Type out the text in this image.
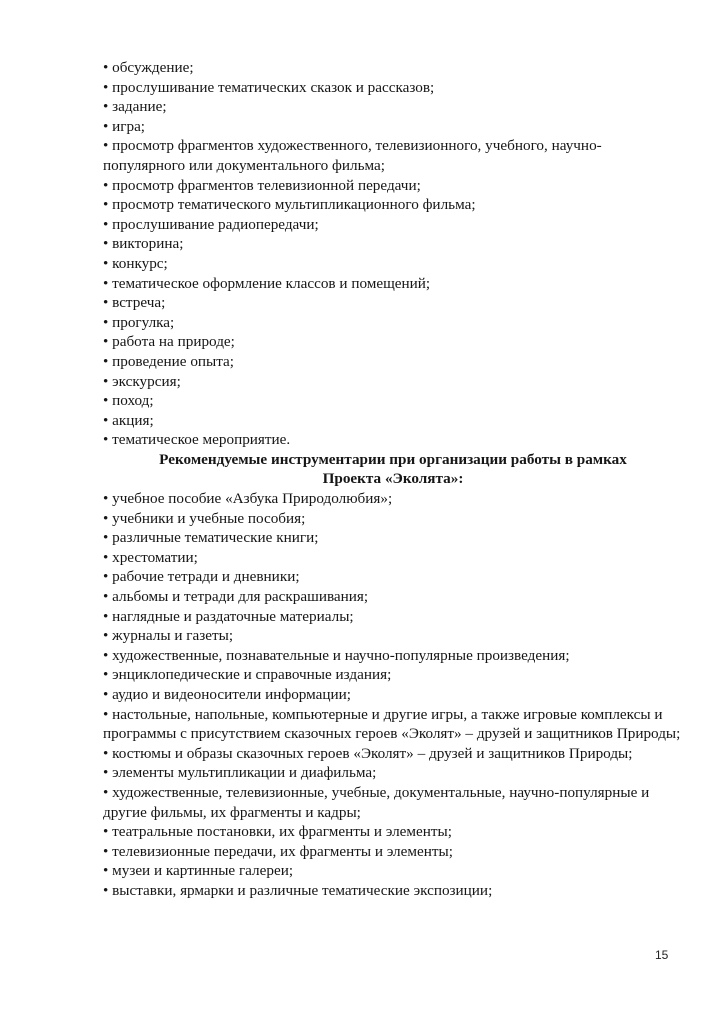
• обсуждение;
• прослушивание тематических сказок и рассказов;
• задание;
• игра;
• просмотр фрагментов художественного, телевизионного, учебного, научно-популярного или документального фильма;
• просмотр фрагментов телевизионной передачи;
• просмотр тематического мультипликационного фильма;
• прослушивание радиопередачи;
• викторина;
• конкурс;
• тематическое оформление классов и помещений;
• встреча;
• прогулка;
• работа на природе;
• проведение опыта;
• экскурсия;
• поход;
• акция;
• тематическое мероприятие.
Рекомендуемые инструментарии при организации работы в рамках
Проекта «Эколята»:
• учебное пособие «Азбука Природолюбия»;
• учебники и учебные пособия;
• различные тематические книги;
• хрестоматии;
• рабочие тетради и дневники;
• альбомы и тетради для раскрашивания;
• наглядные и раздаточные материалы;
• журналы и газеты;
• художественные, познавательные и научно-популярные произведения;
• энциклопедические и справочные издания;
• аудио и видеоносители информации;
• настольные, напольные, компьютерные и другие игры, а также игровые комплексы и программы с присутствием сказочных героев «Эколят» – друзей и защитников Природы;
• костюмы и образы сказочных героев «Эколят» – друзей и защитников Природы;
• элементы мультипликации и диафильма;
• художественные, телевизионные, учебные, документальные, научно-популярные и другие фильмы, их фрагменты и кадры;
• театральные постановки, их фрагменты и элементы;
• телевизионные передачи, их фрагменты и элементы;
• музеи и картинные галереи;
• выставки, ярмарки и различные тематические экспозиции;
15
